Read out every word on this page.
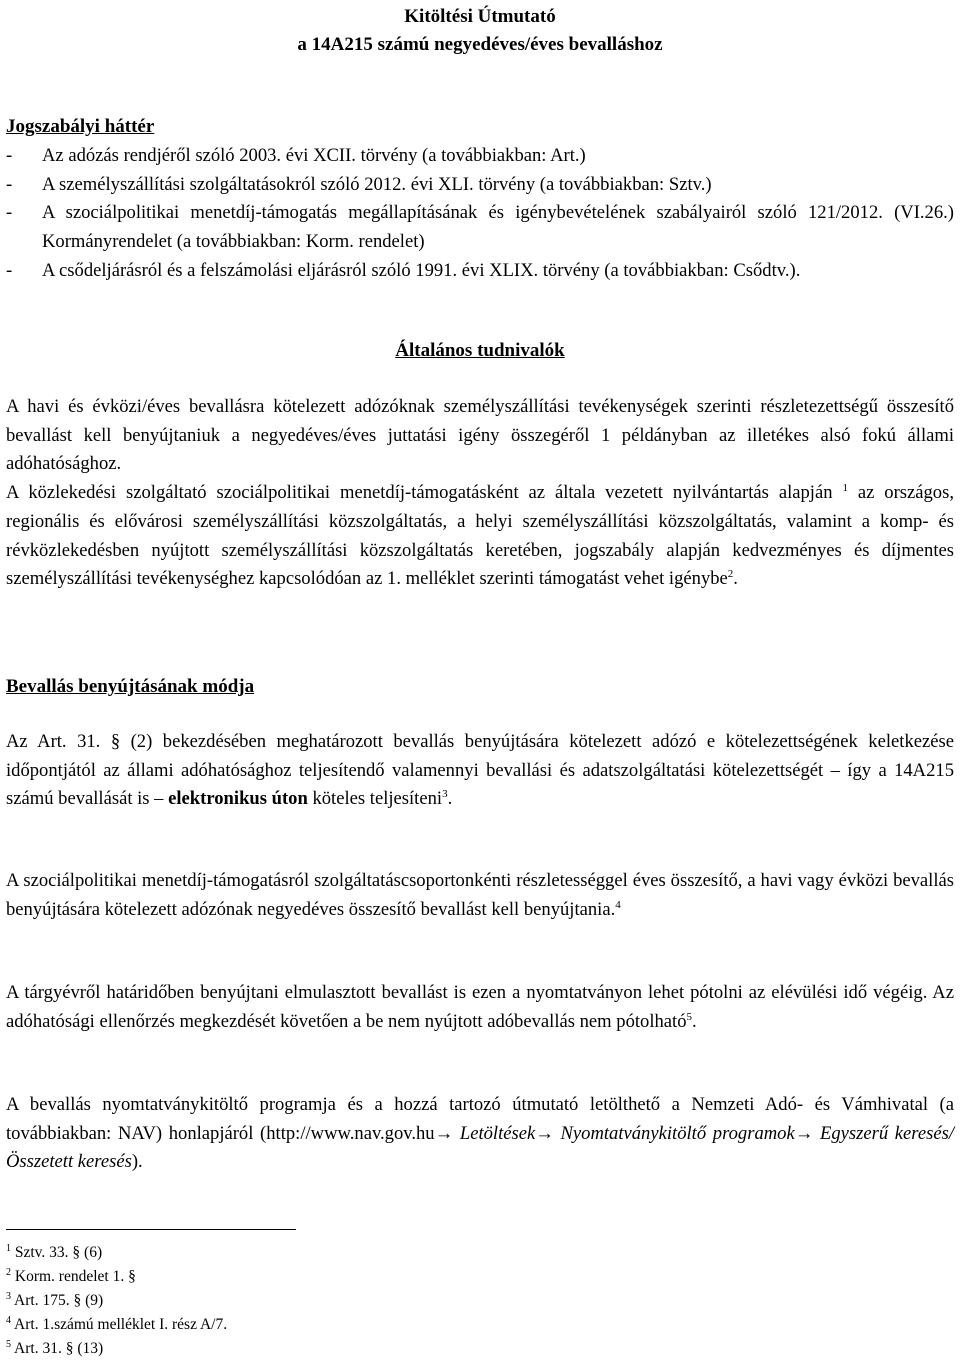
Kitöltési Útmutató
a 14A215 számú negyedéves/éves bevalláshoz
Jogszabályi háttér
-	Az adózás rendjéről szóló 2003. évi XCII. törvény (a továbbiakban: Art.)
-	A személyszállítási szolgáltatásokról szóló 2012. évi XLI. törvény (a továbbiakban: Sztv.)
-	A szociálpolitikai menetdíj-támogatás megállapításának és igénybevételének szabályairól szóló 121/2012. (VI.26.) Kormányrendelet (a továbbiakban: Korm. rendelet)
-	A csődeljárásról és a felszámolási eljárásról szóló 1991. évi XLIX. törvény (a továbbiakban: Csődtv.).
Általános tudnivalók

A havi és évközi/éves bevallásra kötelezett adózóknak személyszállítási tevékenységek szerinti részletezettségű összesítő bevallást kell benyújtaniuk a negyedéves/éves juttatási igény összegéről 1 példányban az illetékes alsó fokú állami adóhatósághoz.

A közlekedési szolgáltató szociálpolitikai menetdíj-támogatásként az általa vezetett nyilvántartás alapján $^1$ az országos, regionális és elővárosi személyszállítási közszolgáltatás, a helyi személyszállítási közszolgáltatás, valamint a komp- és révközlekedésben nyújtott személyszállítási közszolgáltatás keretében, jogszabály alapján kedvezményes és díjmentes személyszállítási tevékenységhez kapcsolódóan az 1. melléklet szerinti támogatást vehet igénybe$^2$.

Bevallás benyújtásának módja

Az Art. 31. § (2) bekezdésében meghatározott bevallás benyújtására kötelezett adózó e kötelezettségének keletkezése időpontjától az állami adóhatósághoz teljesítendő valamennyi bevallási és adatszolgáltatási kötelezettségét – így a 14A215 számú bevallását is – elektronikus úton köteles teljesíteni$^3$.

A szociálpolitikai menetdíj-támogatásról szolgáltatáscsoportonkénti részletességgel éves összesítő, a havi vagy évközi bevallás benyújtására kötelezett adózónak negyedéves összesítő bevallást kell benyújtania.$^4$

A tárgyévről határidőben benyújtani elmulasztott bevallást is ezen a nyomtatványon lehet pótolni az elévülési idő végéig. Az adóhatósági ellenőrzés megkezdését követően a be nem nyújtott adóbevallás nem pótolható$^5$.

A bevallás nyomtatványkitöltő programja és a hozzá tartozó útmutató letölthető a Nemzeti Adó- és Vámhivatal (a továbbiakban: NAV) honlapjáról (http://www.nav.gov.hu→ Letöltések→ Nyomtatványkitöltő programok→ Egyszerű keresés/Összetett keresés).

$^1$ Sztv. 33. § (6)
$^2$ Korm. rendelet 1. §
$^3$ Art. 175. § (9)
$^4$ Art. 1.számú melléklet I. rész A/7.
$^5$ Art. 31. § (13)
